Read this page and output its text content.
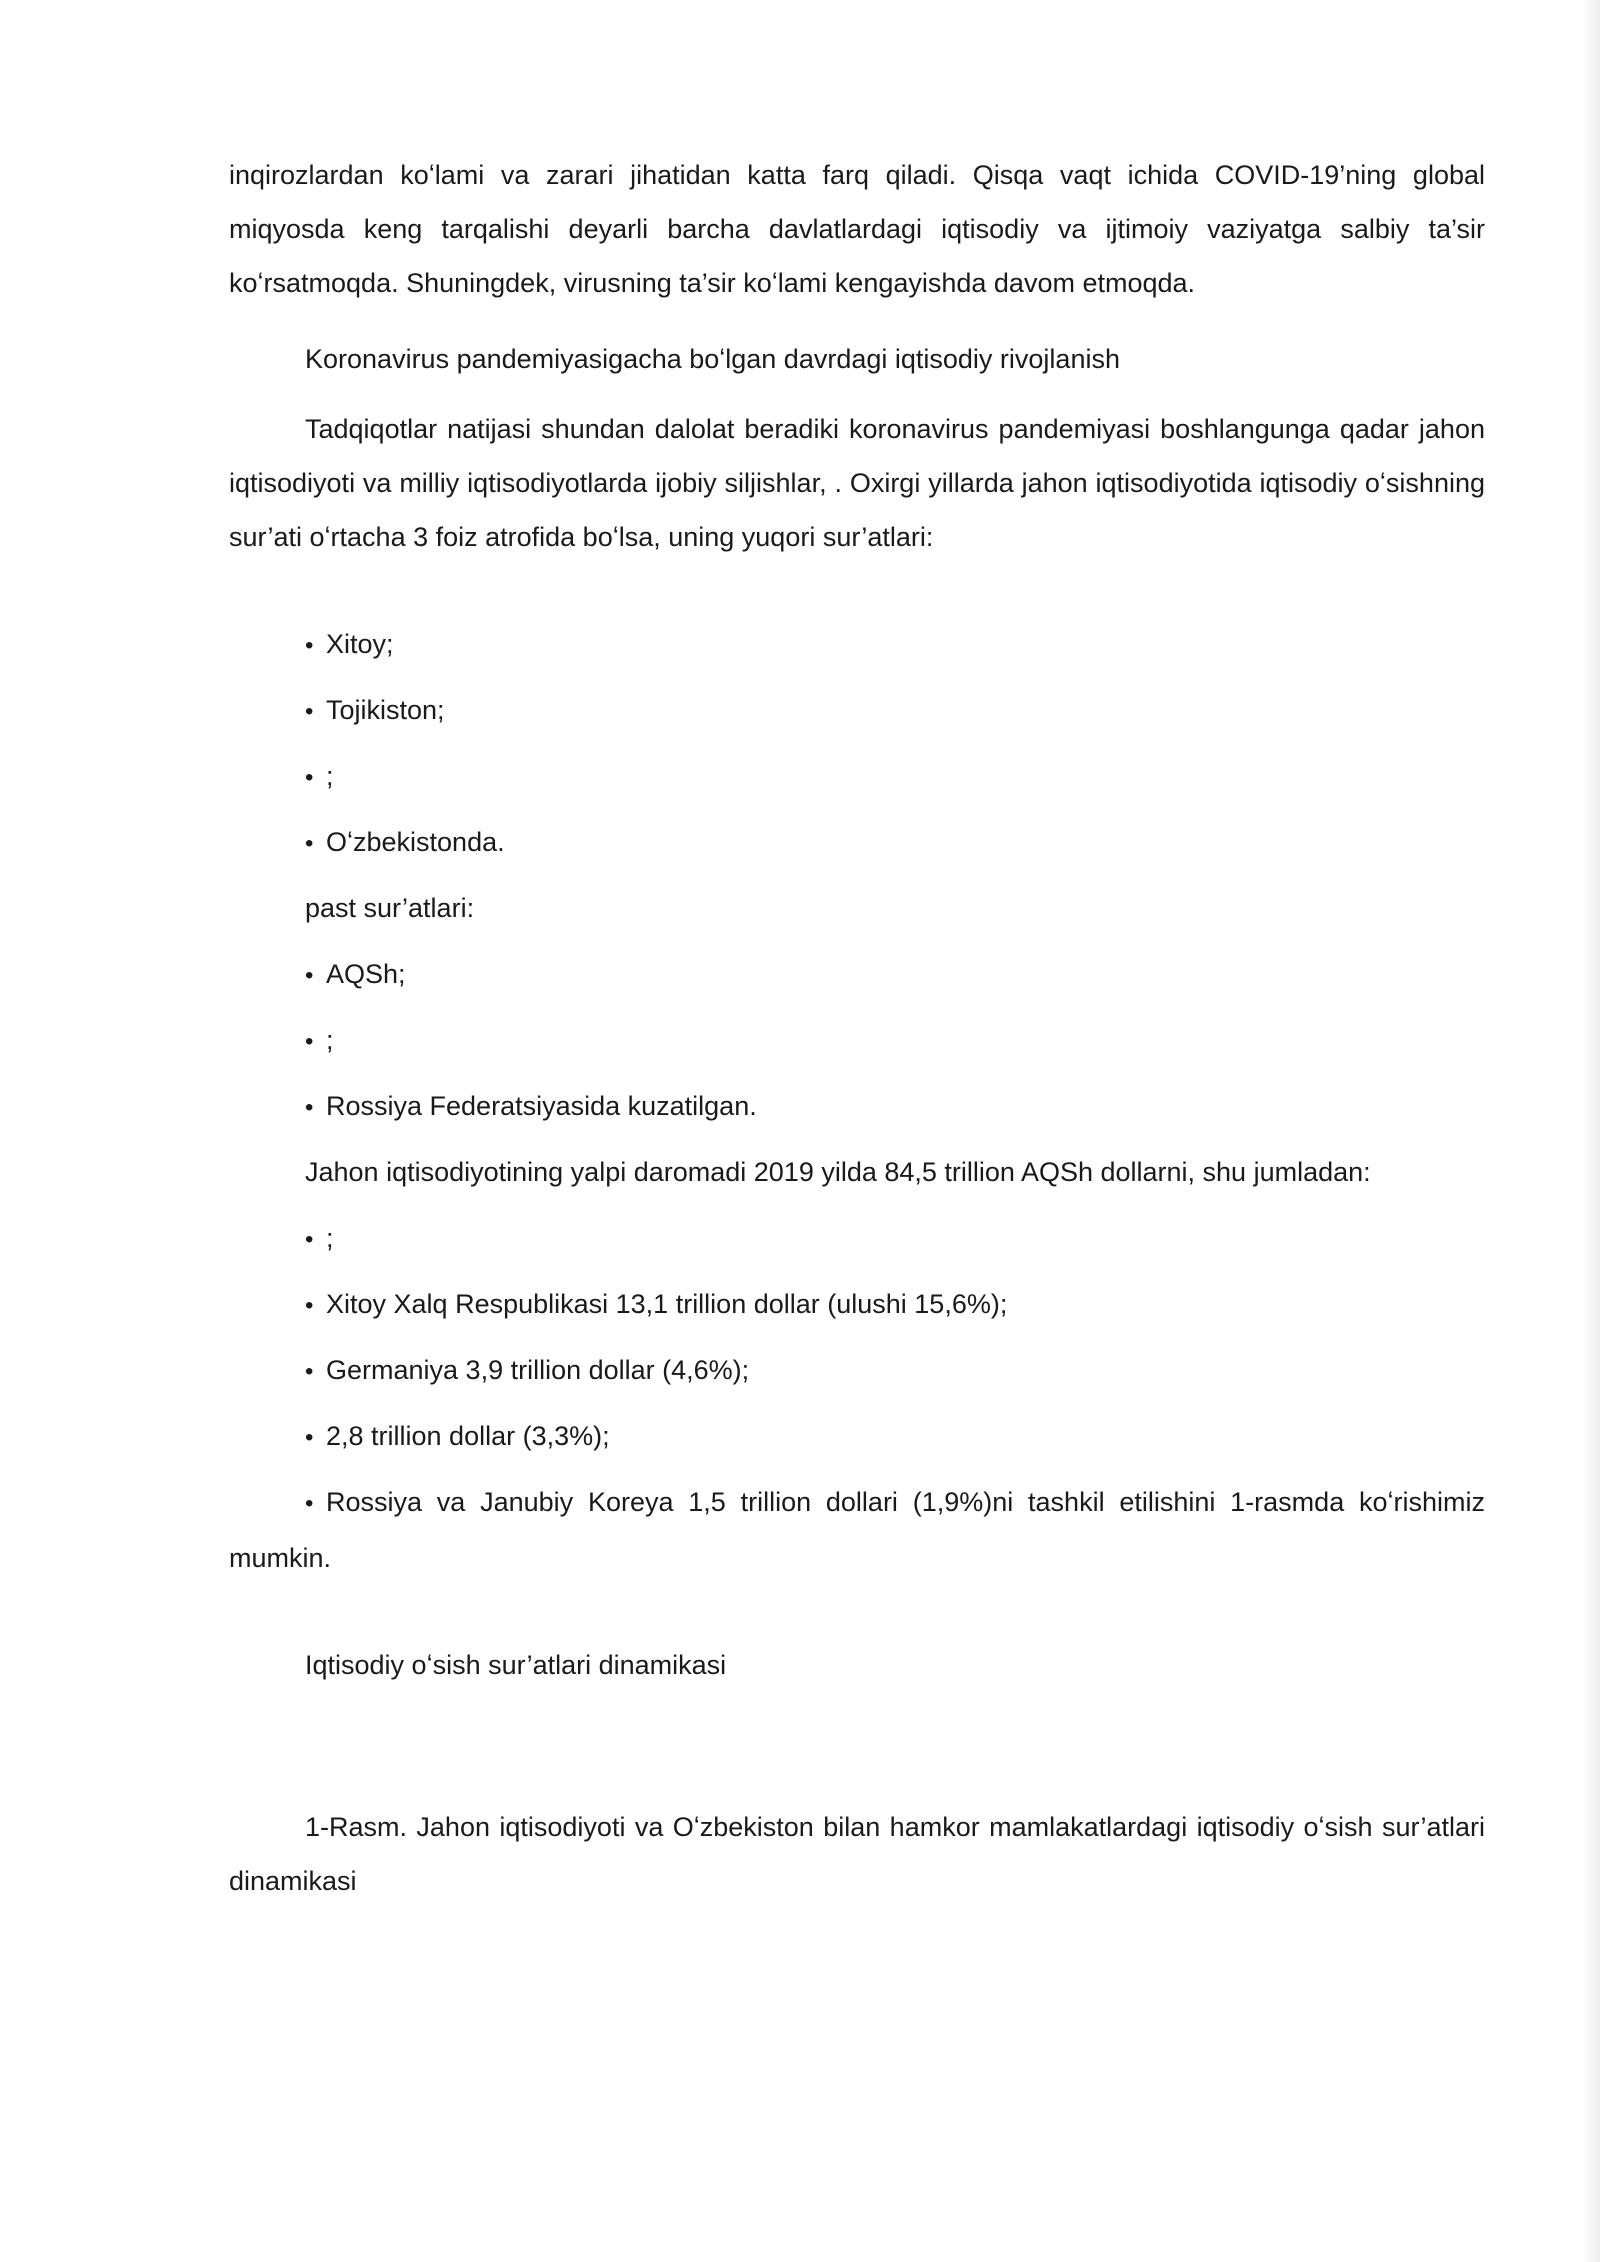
inqirozlardan koʻlami va zarari jihatidan katta farq qiladi. Qisqa vaqt ichida COVID-19’ning global miqyosda keng tarqalishi deyarli barcha davlatlardagi iqtisodiy va ijtimoiy vaziyatga salbiy ta’sir koʻrsatmoqda. Shuningdek, virusning ta’sir koʻlami kengayishda davom etmoqda.

Koronavirus pandemiyasigacha boʻlgan davrdagi iqtisodiy rivojlanish

Tadqiqotlar natijasi shundan dalolat beradiki koronavirus pandemiyasi boshlangunga qadar jahon iqtisodiyoti va milliy iqtisodiyotlarda ijobiy siljishlar, . Oxirgi yillarda jahon iqtisodiyotida iqtisodiy oʻsishning sur’ati oʻrtacha 3 foiz atrofida boʻlsa, uning yuqori sur’atlari:

• Xitoy;

• Tojikiston;

• ;

• Oʻzbekistonda.

past sur’atlari:

• AQSh;

• ;

• Rossiya Federatsiyasida kuzatilgan.

Jahon iqtisodiyotining yalpi daromadi 2019 yilda 84,5 trillion AQSh dollarni, shu jumladan:

• ;

• Xitoy Xalq Respublikasi 13,1 trillion dollar (ulushi 15,6%);

• Germaniya 3,9 trillion dollar (4,6%);

• 2,8 trillion dollar (3,3%);

• Rossiya va Janubiy Koreya 1,5 trillion dollari (1,9%)ni tashkil etilishini 1-rasmda koʻrishimiz mumkin.

Iqtisodiy oʻsish sur’atlari dinamikasi

1-Rasm. Jahon iqtisodiyoti va Oʻzbekiston bilan hamkor mamlakatlardagi iqtisodiy oʻsish sur’atlari dinamikasi
